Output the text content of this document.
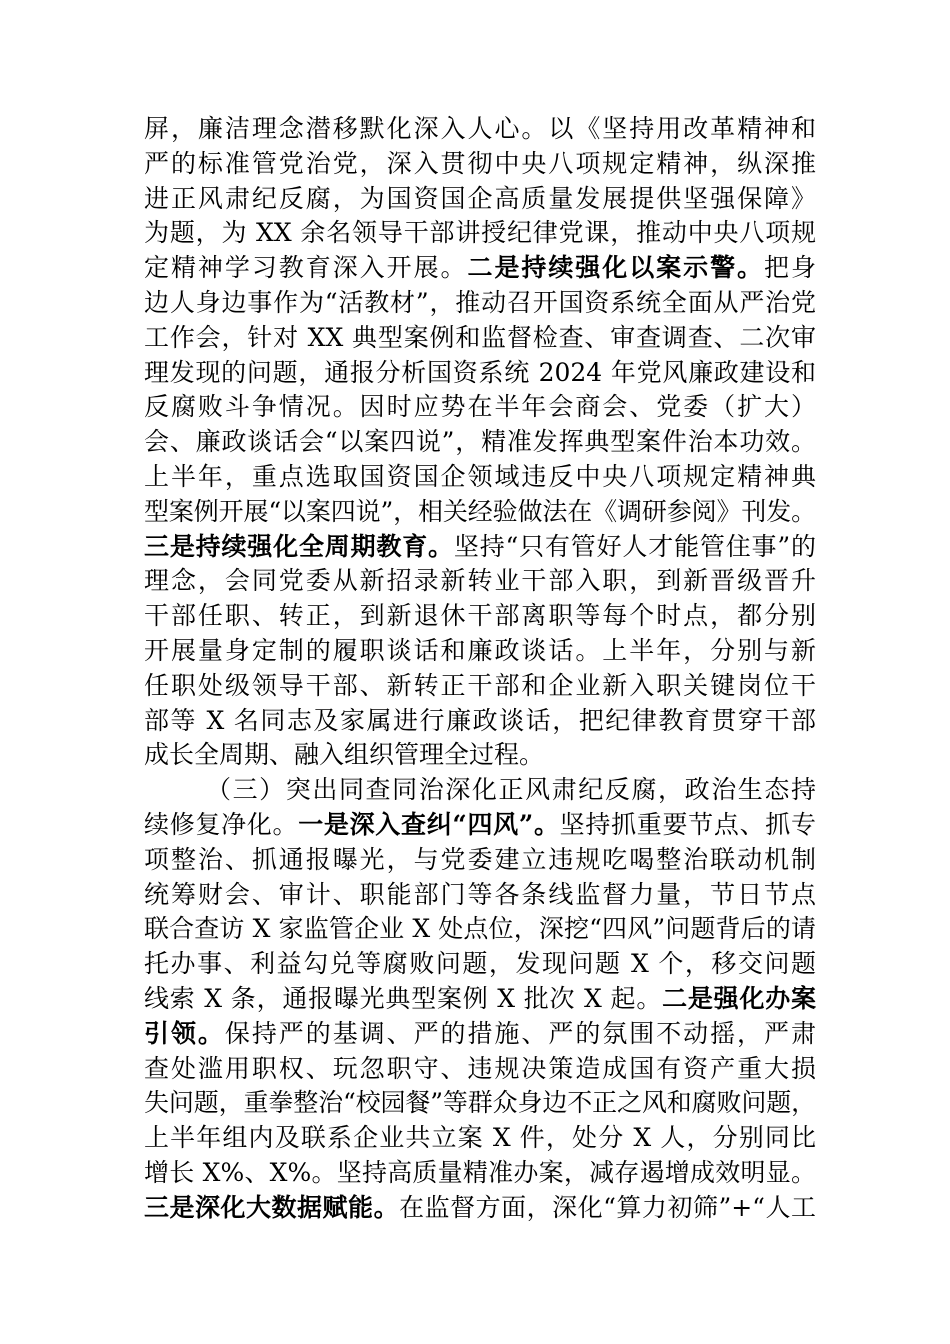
屏，廉洁理念潜移默化深入人心。以《坚持用改革精神和
严的标准管党治党，深入贯彻中央八项规定精神，纵深推
进正风肃纪反腐，为国资国企高质量发展提供坚强保障》
为题，为 XX 余名领导干部讲授纪律党课，推动中央八项规
定精神学习教育深入开展。二是持续强化以案示警。把身
边人身边事作为“活教材”，推动召开国资系统全面从严治党
工作会，针对 XX 典型案例和监督检查、审查调查、二次审
理发现的问题，通报分析国资系统 2024 年党风廉政建设和
反腐败斗争情况。因时应势在半年会商会、党委（扩大）
会、廉政谈话会“以案四说”，精准发挥典型案件治本功效。
上半年，重点选取国资国企领域违反中央八项规定精神典
型案例开展“以案四说”，相关经验做法在《调研参阅》刊发。
三是持续强化全周期教育。坚持“只有管好人才能管住事”的
理念，会同党委从新招录新转业干部入职，到新晋级晋升
干部任职、转正，到新退休干部离职等每个时点，都分别
开展量身定制的履职谈话和廉政谈话。上半年，分别与新
任职处级领导干部、新转正干部和企业新入职关键岗位干
部等 X 名同志及家属进行廉政谈话，把纪律教育贯穿干部
成长全周期、融入组织管理全过程。
（三）突出同查同治深化正风肃纪反腐，政治生态持
续修复净化。一是深入查纠“四风”。坚持抓重要节点、抓专
项整治、抓通报曝光，与党委建立违规吃喝整治联动机制
统筹财会、审计、职能部门等各条线监督力量，节日节点
联合查访 X 家监管企业 X 处点位，深挖“四风”问题背后的请
托办事、利益勾兑等腐败问题，发现问题 X 个，移交问题
线索 X 条，通报曝光典型案例 X 批次 X 起。二是强化办案
引领。保持严的基调、严的措施、严的氛围不动摇，严肃
查处滥用职权、玩忽职守、违规决策造成国有资产重大损
失问题，重拳整治“校园餐”等群众身边不正之风和腐败问题，
上半年组内及联系企业共立案 X 件，处分 X 人，分别同比
增长 X%、X%。坚持高质量精准办案，减存遏增成效明显。
三是深化大数据赋能。在监督方面，深化“算力初筛”+“人工
